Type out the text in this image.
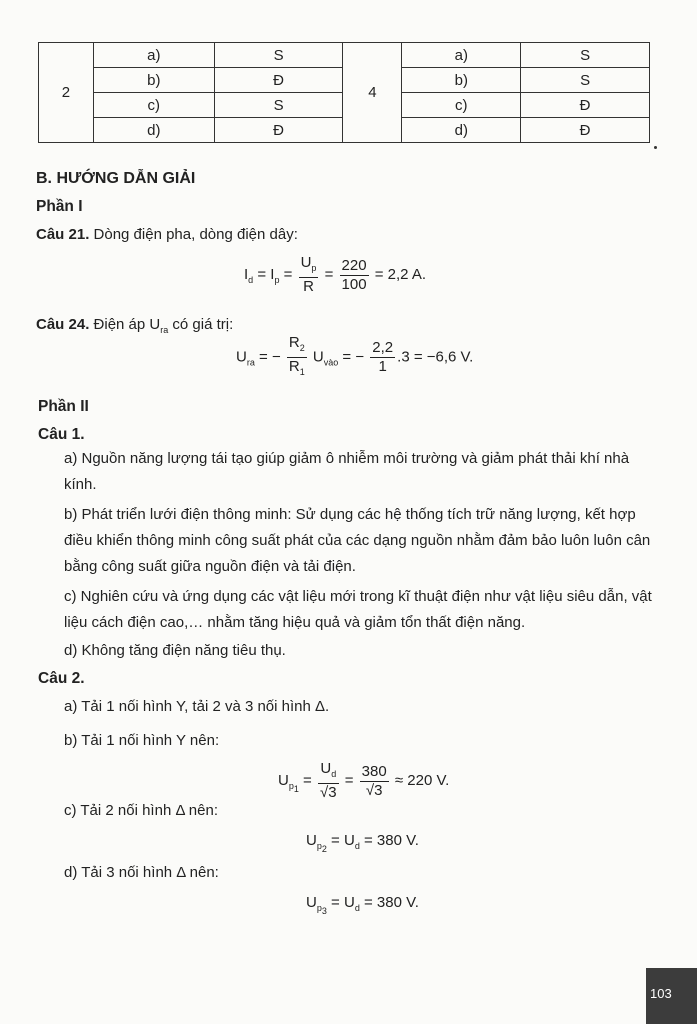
2	a)	S	4	a)	S
	b)	Đ		b)	S
	c)	S		c)	Đ
	d)	Đ		d)	Đ
B. HƯỚNG DẪN GIẢI
Phần I
Câu 21. Dòng điện pha, dòng điện dây:
$I_d = I_p = \frac{U_p}{R} = \frac{220}{100} = 2,2$ A.
Câu 24. Điện áp $U_{ra}$ có giá trị:
$U_{ra}$ = − $\frac{R_2}{R_1} U_{vào}$ = − $\frac{2,2}{1} .3 = -6,6$ V.
Phần II
Câu 1.
a) Nguồn năng lượng tái tạo giúp giảm ô nhiễm môi trường và giảm phát thải khí nhà kính.
b) Phát triển lưới điện thông minh: Sử dụng các hệ thống tích trữ năng lượng, kết hợp điều khiển thông minh công suất phát của các dạng nguồn nhằm đảm bảo luôn luôn cân bằng công suất giữa nguồn điện và tải điện.
c) Nghiên cứu và ứng dụng các vật liệu mới trong kĩ thuật điện như vật liệu siêu dẫn, vật liệu cách điện cao,… nhằm tăng hiệu quả và giảm tổn thất điện năng.
d) Không tăng điện năng tiêu thụ.
Câu 2.
a) Tải 1 nối hình Y, tải 2 và 3 nối hình Δ.
b) Tải 1 nối hình Y nên:
$U_{p_1} = \frac{U_d}{√3} = \frac{380}{√3} \approx 220$ V.
c) Tải 2 nối hình Δ nên:
$U_{p_2} = U_d = 380$ V.
d) Tải 3 nối hình Δ nên:
$U_{p_3} = U_d = 380$ V.
103
